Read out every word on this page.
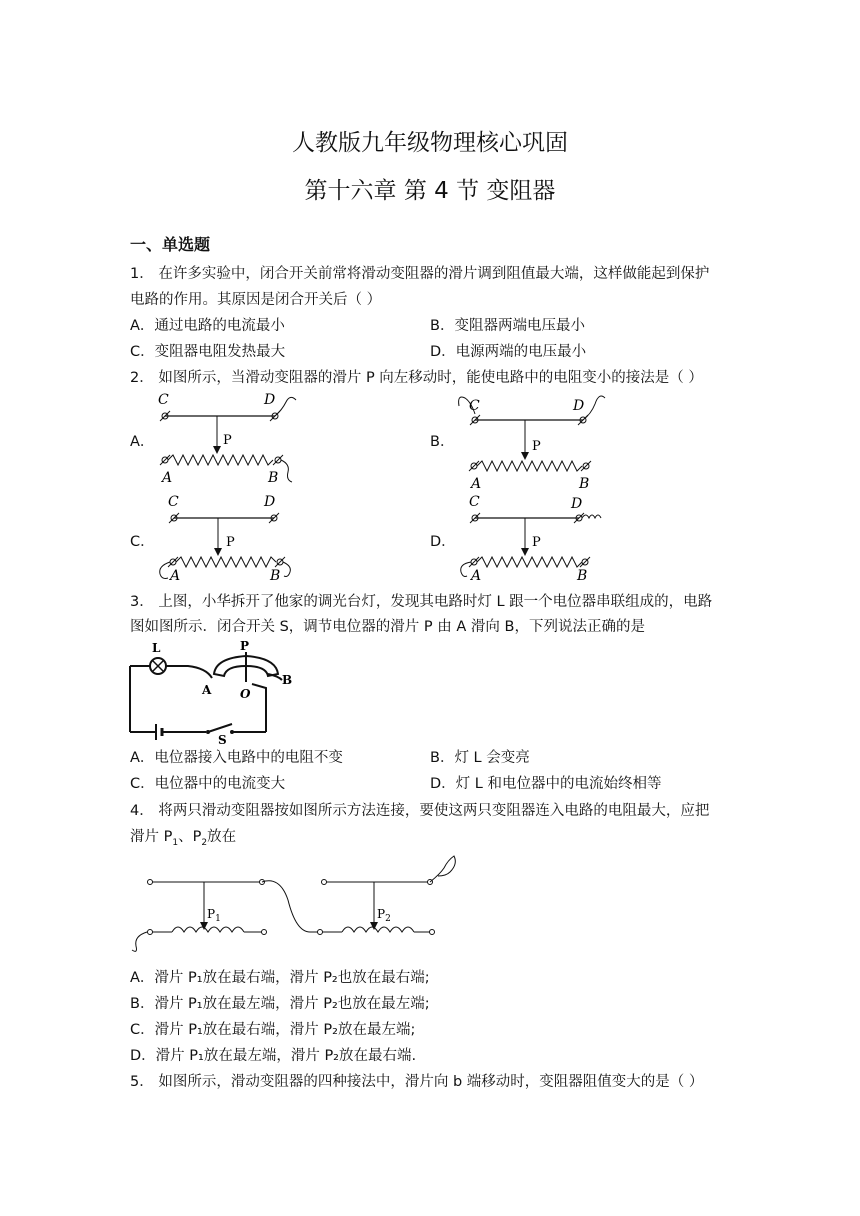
人教版九年级物理核心巩固
第十六章 第 4 节 变阻器
一、单选题
1． 在许多实验中，闭合开关前常将滑动变阻器的滑片调到阻值最大端，这样做能起到保护
电路的作用。其原因是闭合开关后（ ）
A．通过电路的电流最小	B．变阻器两端电压最小
C．变阻器电阻发热最大	D．电源两端的电压最小
2． 如图所示，当滑动变阻器的滑片 P 向左移动时，能使电路中的电阻变小的接法是（ ）
A．	B．
C．	D．
C	D
P
A	B
C	D
P
A	B
C	D
P
A	B
C	D
P
A	B
3． 上图，小华拆开了他家的调光台灯，发现其电路时灯 L 跟一个电位器串联组成的，电路
图如图所示．闭合开关 S，调节电位器的滑片 P 由 A 滑向 B，下列说法正确的是
L
A
P
O
B
S
A．电位器接入电路中的电阻不变	B．灯 L 会变亮
C．电位器中的电流变大	D．灯 L 和电位器中的电流始终相等
4． 将两只滑动变阻器按如图所示方法连接，要使这两只变阻器连入电路的电阻最大，应把
滑片 $P_1$、$P_2$放在
$P_1$	$P_2$
A．滑片 P₁放在最右端，滑片 P₂也放在最右端;
B．滑片 P₁放在最左端，滑片 P₂也放在最左端;
C．滑片 P₁放在最右端，滑片 P₂放在最左端;
D．滑片 P₁放在最左端，滑片 P₂放在最右端.
5． 如图所示，滑动变阻器的四种接法中，滑片向 b 端移动时，变阻器阻值变大的是（ ）
